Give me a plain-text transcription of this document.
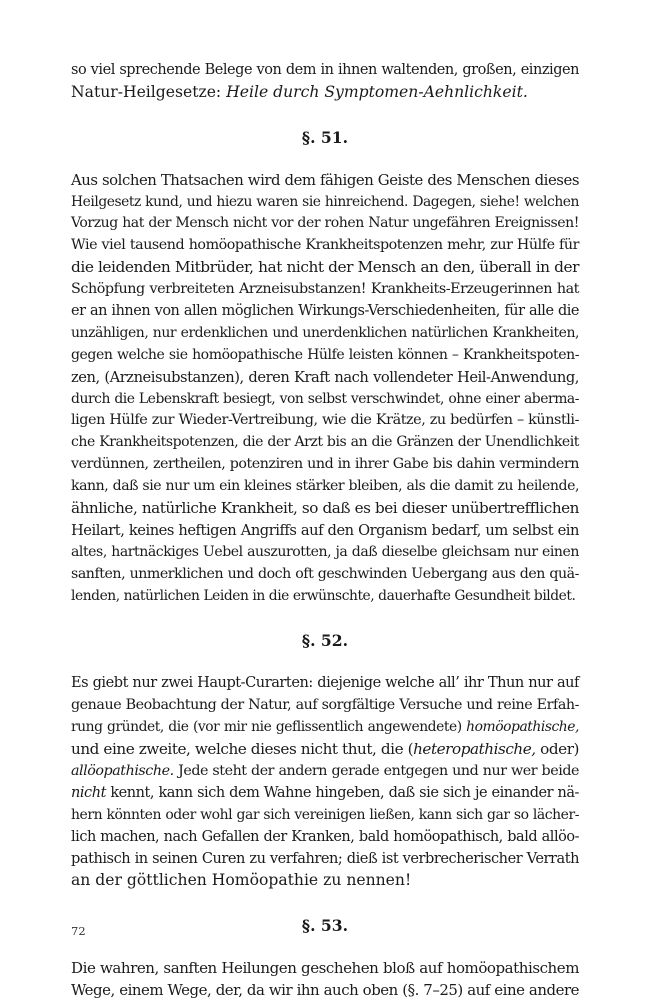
so viel sprechende Belege von dem in ihnen waltenden, großen, einzigen
Natur-Heilgesetze: Heile durch Symptomen-Aehnlichkeit.
§. 51.
Aus solchen Thatsachen wird dem fähigen Geiste des Menschen dieses
Heilgesetz kund, und hiezu waren sie hinreichend. Dagegen, siehe! welchen
Vorzug hat der Mensch nicht vor der rohen Natur ungefähren Ereignissen!
Wie viel tausend homöopathische Krankheitspotenzen mehr, zur Hülfe für
die leidenden Mitbrüder, hat nicht der Mensch an den, überall in der
Schöpfung verbreiteten Arzneisubstanzen! Krankheits-Erzeugerinnen hat
er an ihnen von allen möglichen Wirkungs-Verschiedenheiten, für alle die
unzähligen, nur erdenklichen und unerdenklichen natürlichen Krankheiten,
gegen welche sie homöopathische Hülfe leisten können – Krankheitspoten-
zen, (Arzneisubstanzen), deren Kraft nach vollendeter Heil-Anwendung,
durch die Lebenskraft besiegt, von selbst verschwindet, ohne einer aberma-
ligen Hülfe zur Wieder-Vertreibung, wie die Krätze, zu bedürfen – künstli-
che Krankheitspotenzen, die der Arzt bis an die Gränzen der Unendlichkeit
verdünnen, zertheilen, potenziren und in ihrer Gabe bis dahin vermindern
kann, daß sie nur um ein kleines stärker bleiben, als die damit zu heilende,
ähnliche, natürliche Krankheit, so daß es bei dieser unübertrefflichen
Heilart, keines heftigen Angriffs auf den Organism bedarf, um selbst ein
altes, hartnäckiges Uebel auszurotten, ja daß dieselbe gleichsam nur einen
sanften, unmerklichen und doch oft geschwinden Uebergang aus den quä-
lenden, natürlichen Leiden in die erwünschte, dauerhafte Gesundheit bildet.
§. 52.
Es giebt nur zwei Haupt-Curarten: diejenige welche all’ ihr Thun nur auf
genaue Beobachtung der Natur, auf sorgfältige Versuche und reine Erfah-
rung gründet, die (vor mir nie geflissentlich angewendete) homöopathische,
und eine zweite, welche dieses nicht thut, die (heteropathische, oder)
allöopathische. Jede steht der andern gerade entgegen und nur wer beide
nicht kennt, kann sich dem Wahne hingeben, daß sie sich je einander nä-
hern könnten oder wohl gar sich vereinigen ließen, kann sich gar so lächer-
lich machen, nach Gefallen der Kranken, bald homöopathisch, bald allöo-
pathisch in seinen Curen zu verfahren; dieß ist verbrecherischer Verrath
an der göttlichen Homöopathie zu nennen!
§. 53.
Die wahren, sanften Heilungen geschehen bloß auf homöopathischem
Wege, einem Wege, der, da wir ihn auch oben (§. 7–25) auf eine andere
72
